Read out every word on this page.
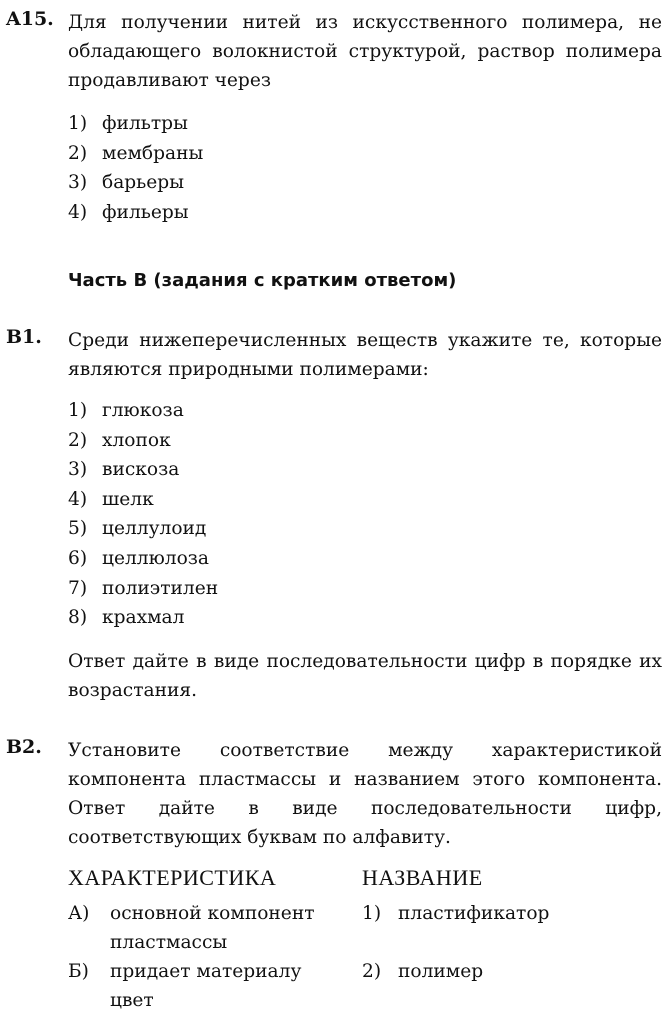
A15. Для получении нитей из искусственного полимера, не обладающего волокнистой структурой, раствор полимера продавливают через

1) фильтры
2) мембраны
3) барьеры
4) фильеры
Часть В (задания с кратким ответом)
B1. Среди нижеперечисленных веществ укажите те, которые являются природными полимерами:

1) глюкоза
2) хлопок
3) вискоза
4) шелк
5) целлулоид
6) целлюлоза
7) полиэтилен
8) крахмал

Ответ дайте в виде последовательности цифр в порядке их возрастания.

B2. Установите соответствие между характеристикой компонента пластмассы и названием этого компонента. Ответ дайте в виде последовательности цифр, соответствующих буквам по алфавиту.

ХАРАКТЕРИСТИКА	НАЗВАНИЕ
А) основной компонент пластмассы
1) пластификатор
Б) придает материалу цвет
2) полимер
